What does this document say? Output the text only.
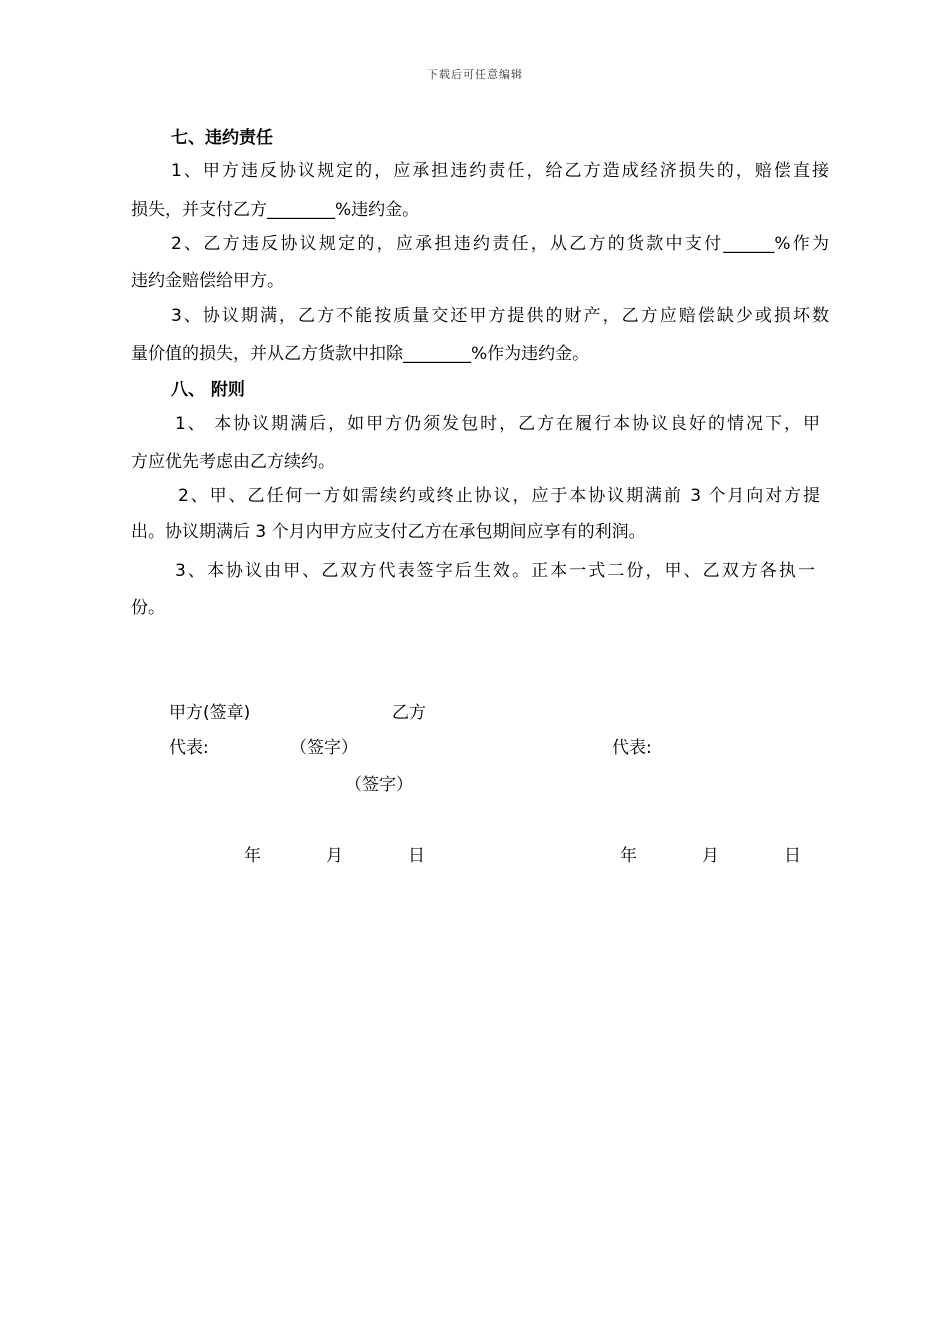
下载后可任意编辑
七、违约责任
1、甲方违反协议规定的，应承担违约责任，给乙方造成经济损失的，赔偿直接
损失，并支付乙方________%违约金。
2、乙方违反协议规定的，应承担违约责任，从乙方的货款中支付______%作为
违约金赔偿给甲方。
3、协议期满，乙方不能按质量交还甲方提供的财产，乙方应赔偿缺少或损坏数
量价值的损失，并从乙方货款中扣除________%作为违约金。
八、 附则
1、 本协议期满后，如甲方仍须发包时，乙方在履行本协议良好的情况下，甲
方应优先考虑由乙方续约。
2、甲、乙任何一方如需续约或终止协议，应于本协议期满前 3 个月向对方提
出。协议期满后 3 个月内甲方应支付乙方在承包期间应享有的利润。
3、本协议由甲、乙双方代表签字后生效。正本一式二份，甲、乙双方各执一
份。
甲方(签章)	乙方
代表:	（签字）	代表:
（签字）
年	月	日	年	月	日
